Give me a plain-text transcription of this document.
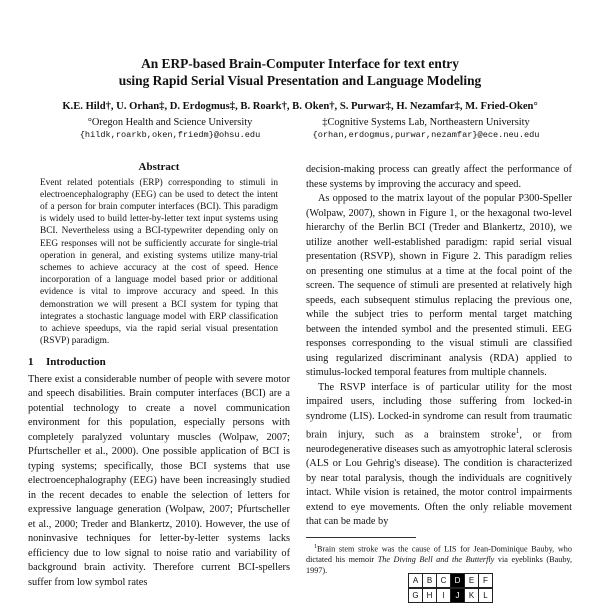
An ERP-based Brain-Computer Interface for text entry
using Rapid Serial Visual Presentation and Language Modeling
K.E. Hild†, U. Orhan‡, D. Erdogmus‡, B. Roark†, B. Oken†, S. Purwar‡, H. Nezamfar‡, M. Fried-Oken°
°Oregon Health and Science University
{hildk,roarkb,oken,friedm}@ohsu.edu
‡Cognitive Systems Lab, Northeastern University
{orhan,erdogmus,purwar,nezamfar}@ece.neu.edu
Abstract

Event related potentials (ERP) corresponding to stimuli in electroencephalography (EEG) can be used to detect the intent of a person for brain computer interfaces (BCI). This paradigm is widely used to build letter-by-letter text input systems using BCI. Nevertheless using a BCI-typewriter depending only on EEG responses will not be sufficiently accurate for single-trial operation in general, and existing systems utilize many-trial schemes to achieve accuracy at the cost of speed. Hence incorporation of a language model based prior or additional evidence is vital to improve accuracy and speed. In this demonstration we will present a BCI system for typing that integrates a stochastic language model with ERP classification to achieve speedups, via the rapid serial visual presentation (RSVP) paradigm.

1 Introduction

There exist a considerable number of people with severe motor and speech disabilities. Brain computer interfaces (BCI) are a potential technology to create a novel communication environment for this population, especially persons with completely paralyzed voluntary muscles (Wolpaw, 2007; Pfurtscheller et al., 2000). One possible application of BCI is typing systems; specifically, those BCI systems that use electroencephalography (EEG) have been increasingly studied in the recent decades to enable the selection of letters for expressive language generation (Wolpaw, 2007; Pfurtscheller et al., 2000; Treder and Blankertz, 2010). However, the use of noninvasive techniques for letter-by-letter systems lacks efficiency due to low signal to noise ratio and variability of background brain activity. Therefore current BCI-spellers suffer from low symbol rates

decision-making process can greatly affect the performance of these systems by improving the accuracy and speed.

As opposed to the matrix layout of the popular P300-Speller (Wolpaw, 2007), shown in Figure 1, or the hexagonal two-level hierarchy of the Berlin BCI (Treder and Blankertz, 2010), we utilize another well-established paradigm: rapid serial visual presentation (RSVP), shown in Figure 2. This paradigm relies on presenting one stimulus at a time at the focal point of the screen. The sequence of stimuli are presented at relatively high speeds, each subsequent stimulus replacing the previous one, while the subject tries to perform mental target matching between the intended symbol and the presented stimuli. EEG responses corresponding to the visual stimuli are classified using regularized discriminant analysis (RDA) applied to stimulus-locked temporal features from multiple channels.

The RSVP interface is of particular utility for the most impaired users, including those suffering from locked-in syndrome (LIS). Locked-in syndrome can result from traumatic brain injury, such as a brainstem stroke$^1$, or from neurodegenerative diseases such as amyotrophic lateral sclerosis (ALS or Lou Gehrig's disease). The condition is characterized by near total paralysis, though the individuals are cognitively intact. While vision is retained, the motor control impairments extend to eye movements. Often the only reliable movement that can be made by

$^1$Brain stem stroke was the cause of LIS for Jean-Dominique Bauby, who dictated his memoir The Diving Bell and the Butterfly via eyeblinks (Bauby, 1997).

A	B	C	D	E	F
G	H	I	J	K	L
